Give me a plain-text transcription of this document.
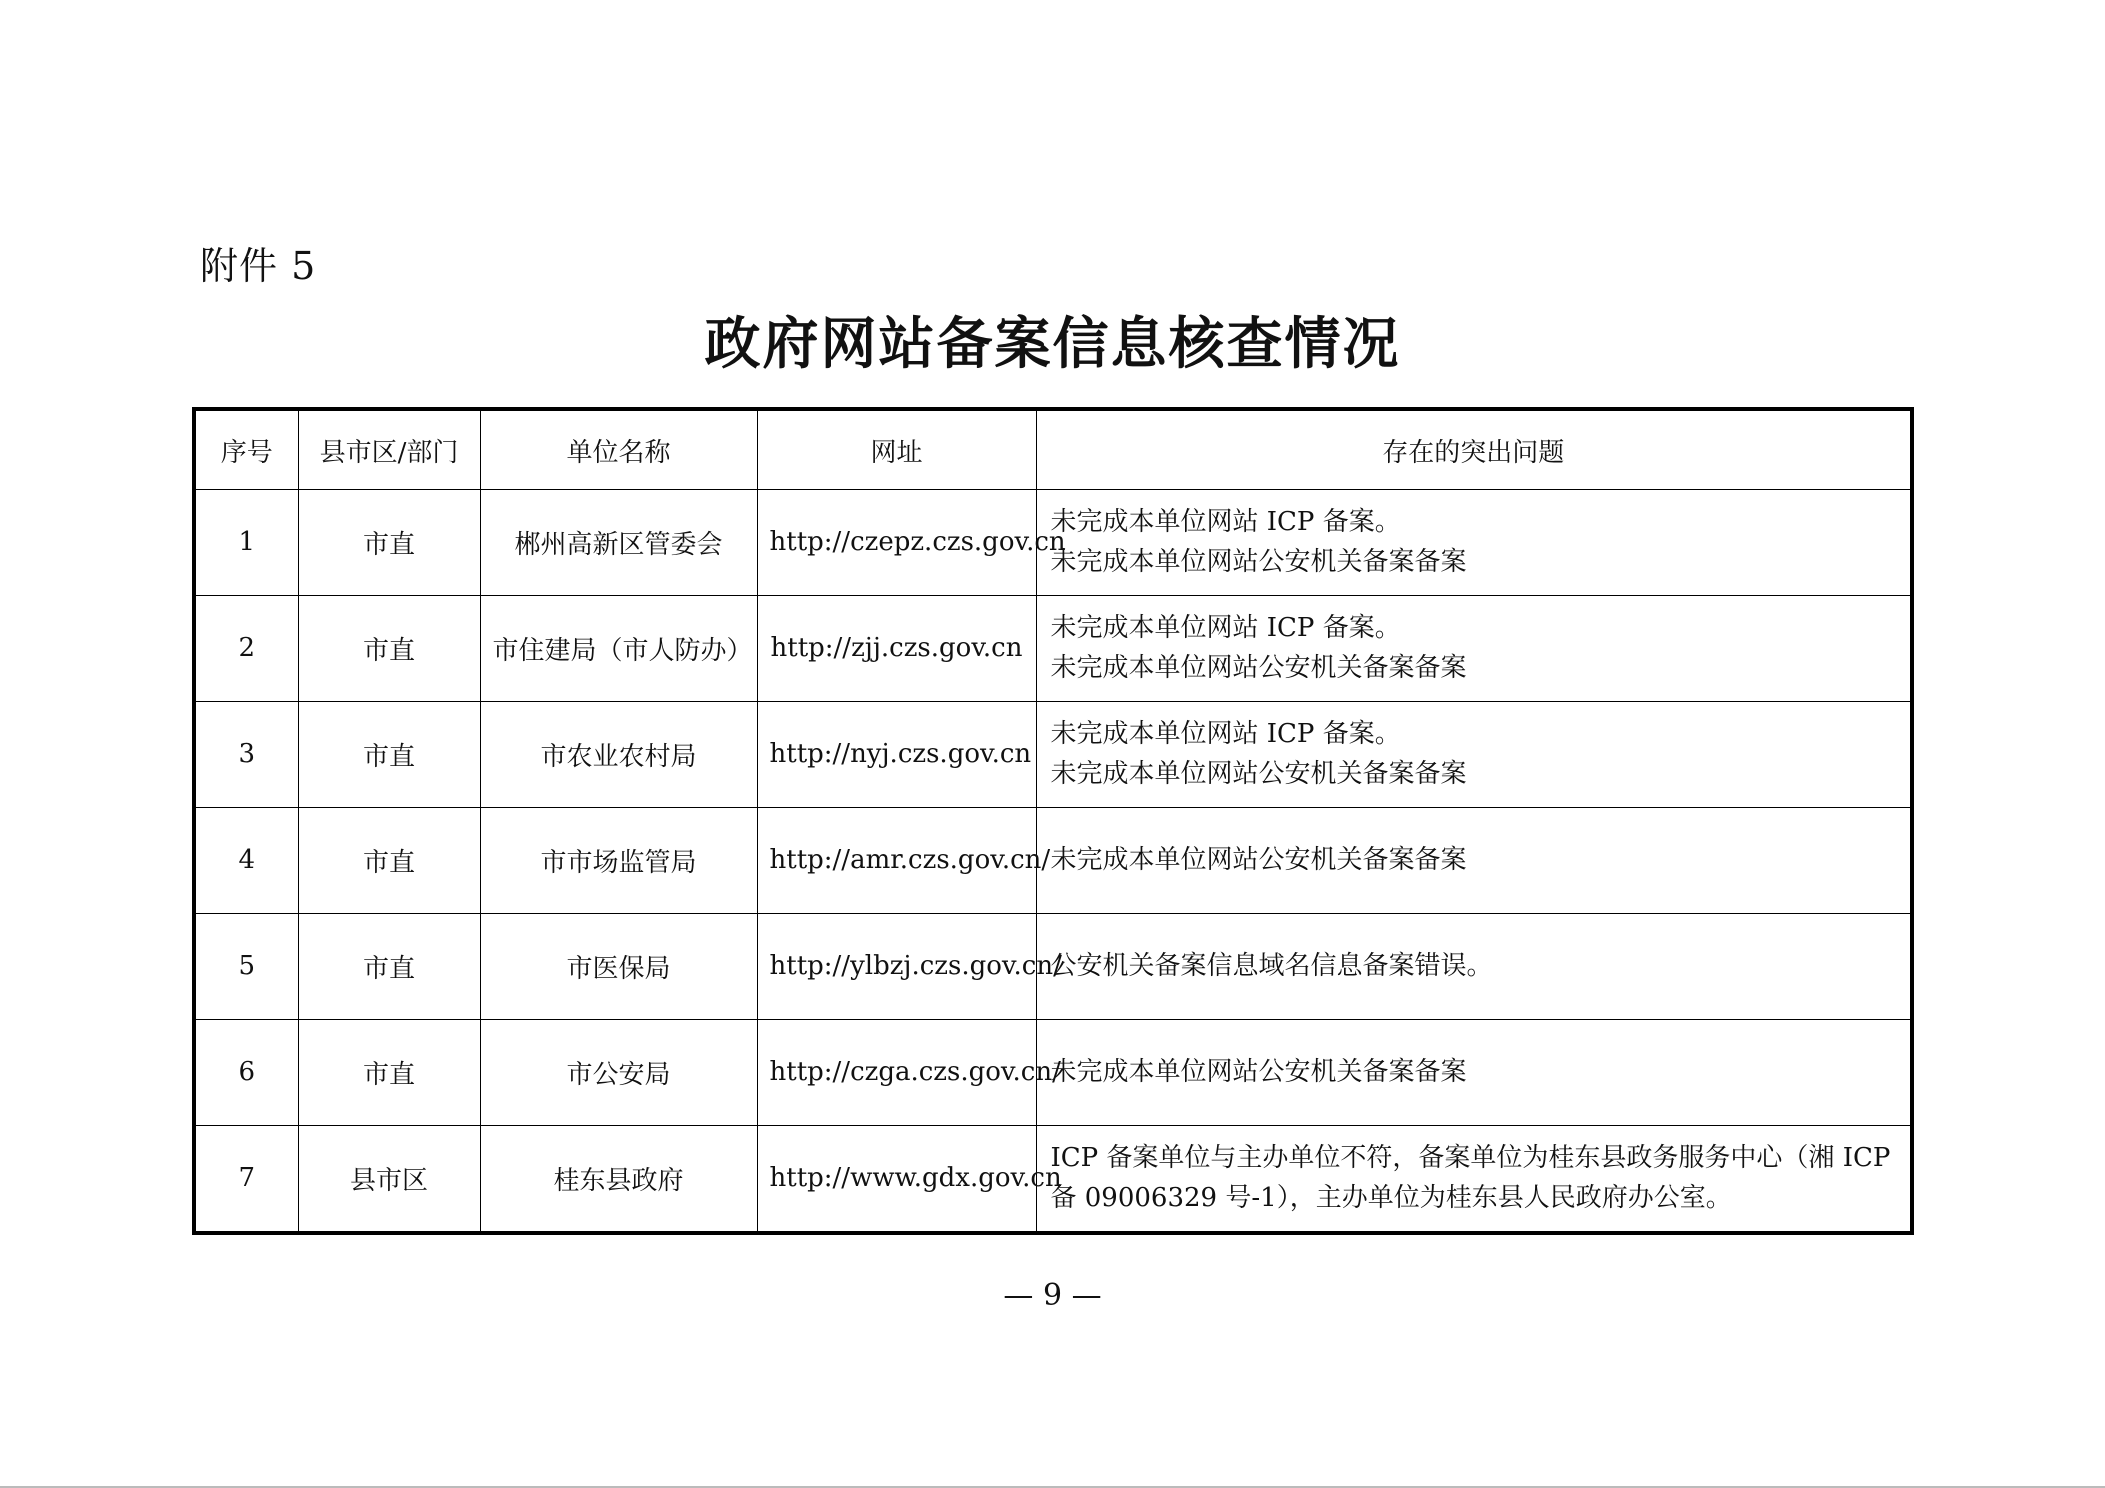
附件 5
政府网站备案信息核查情况
序号	县市区/部门	单位名称	网址	存在的突出问题
1	市直	郴州高新区管委会	http://czepz.czs.gov.cn	未完成本单位网站 ICP 备案。
未完成本单位网站公安机关备案备案

2	市直	市住建局（市人防办）	http://zjj.czs.gov.cn	未完成本单位网站 ICP 备案。
未完成本单位网站公安机关备案备案

3	市直	市农业农村局	http://nyj.czs.gov.cn	未完成本单位网站 ICP 备案。
未完成本单位网站公安机关备案备案

4	市直	市市场监管局	http://amr.czs.gov.cn/	未完成本单位网站公安机关备案备案

5	市直	市医保局	http://ylbzj.czs.gov.cn/	公安机关备案信息域名信息备案错误。

6	市直	市公安局	http://czga.czs.gov.cn/	未完成本单位网站公安机关备案备案

7	县市区	桂东县政府	http://www.gdx.gov.cn	ICP 备案单位与主办单位不符，备案单位为桂东县政务服务中心（湘 ICP
备 09006329 号-1），主办单位为桂东县人民政府办公室。
— 9 —
